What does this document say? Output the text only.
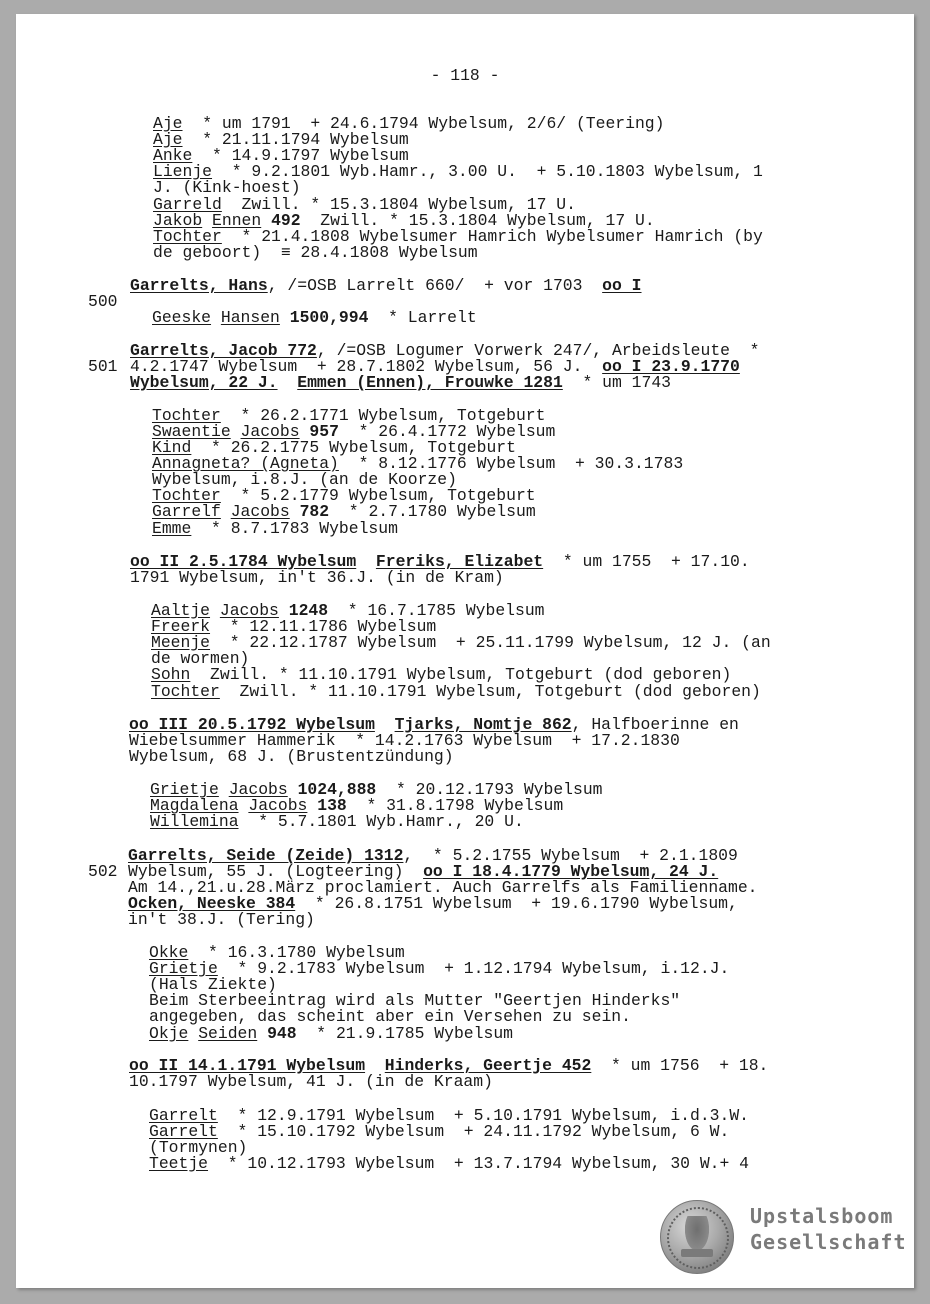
- 118 -
Aje  * um 1791  + 24.6.1794 Wybelsum, 2/6/ (Teering)
Aje  * 21.11.1794 Wybelsum
Anke  * 14.9.1797 Wybelsum
Lienje  * 9.2.1801 Wyb.Hamr., 3.00 U.  + 5.10.1803 Wybelsum, 1
J. (Kink-hoest)
Garreld  Zwill. * 15.3.1804 Wybelsum, 17 U.
Jakob Ennen 492  Zwill. * 15.3.1804 Wybelsum, 17 U.
Tochter  * 21.4.1808 Wybelsumer Hamrich Wybelsumer Hamrich (by
de geboort)  ≡ 28.4.1808 Wybelsum
Garrelts, Hans, /=OSB Larrelt 660/  + vor 1703  oo I
Geeske Hansen 1500,994  * Larrelt
Garrelts, Jacob 772, /=OSB Logumer Vorwerk 247/, Arbeidsleute  *
4.2.1747 Wybelsum  + 28.7.1802 Wybelsum, 56 J.  oo I 23.9.1770
Wybelsum, 22 J. Emmen (Ennen), Frouwke 1281  * um 1743
Tochter  * 26.2.1771 Wybelsum, Totgeburt
Swaentie Jacobs 957  * 26.4.1772 Wybelsum
Kind  * 26.2.1775 Wybelsum, Totgeburt
Annagneta? (Agneta)  * 8.12.1776 Wybelsum  + 30.3.1783
Wybelsum, i.8.J. (an de Koorze)
Tochter  * 5.2.1779 Wybelsum, Totgeburt
Garrelf Jacobs 782  * 2.7.1780 Wybelsum
Emme  * 8.7.1783 Wybelsum
oo II 2.5.1784 Wybelsum Freriks, Elizabet  * um 1755  + 17.10.
1791 Wybelsum, in't 36.J. (in de Kram)
Aaltje Jacobs 1248  * 16.7.1785 Wybelsum
Freerk  * 12.11.1786 Wybelsum
Meenje  * 22.12.1787 Wybelsum  + 25.11.1799 Wybelsum, 12 J. (an
de wormen)
Sohn  Zwill. * 11.10.1791 Wybelsum, Totgeburt (dod geboren)
Tochter  Zwill. * 11.10.1791 Wybelsum, Totgeburt (dod geboren)
oo III 20.5.1792 Wybelsum Tjarks, Nomtje 862, Halfboerinne en
Wiebelsummer Hammerik  * 14.2.1763 Wybelsum  + 17.2.1830
Wybelsum, 68 J. (Brustentzündung)
Grietje Jacobs 1024,888  * 20.12.1793 Wybelsum
Magdalena Jacobs 138  * 31.8.1798 Wybelsum
Willemina  * 5.7.1801 Wyb.Hamr., 20 U.
Garrelts, Seide (Zeide) 1312,  * 5.2.1755 Wybelsum  + 2.1.1809
Wybelsum, 55 J. (Logteering)  oo I 18.4.1779 Wybelsum, 24 J.
Am 14.,21.u.28.März proclamiert. Auch Garrelfs als Familienname.
Ocken, Neeske 384  * 26.8.1751 Wybelsum  + 19.6.1790 Wybelsum,
in't 38.J. (Tering)
Okke  * 16.3.1780 Wybelsum
Grietje  * 9.2.1783 Wybelsum  + 1.12.1794 Wybelsum, i.12.J.
(Hals Ziekte)
Beim Sterbeeintrag wird als Mutter "Geertjen Hinderks"
angegeben, das scheint aber ein Versehen zu sein.
Okje Seiden 948  * 21.9.1785 Wybelsum
oo II 14.1.1791 Wybelsum Hinderks, Geertje 452  * um 1756  + 18.
10.1797 Wybelsum, 41 J. (in de Kraam)
Garrelt  * 12.9.1791 Wybelsum  + 5.10.1791 Wybelsum, i.d.3.W.
Garrelt  * 15.10.1792 Wybelsum  + 24.11.1792 Wybelsum, 6 W.
(Tormynen)
Teetje  * 10.12.1793 Wybelsum  + 13.7.1794 Wybelsum, 30 W.+ 4
500
501
502
Upstalsboom
Gesellschaft
